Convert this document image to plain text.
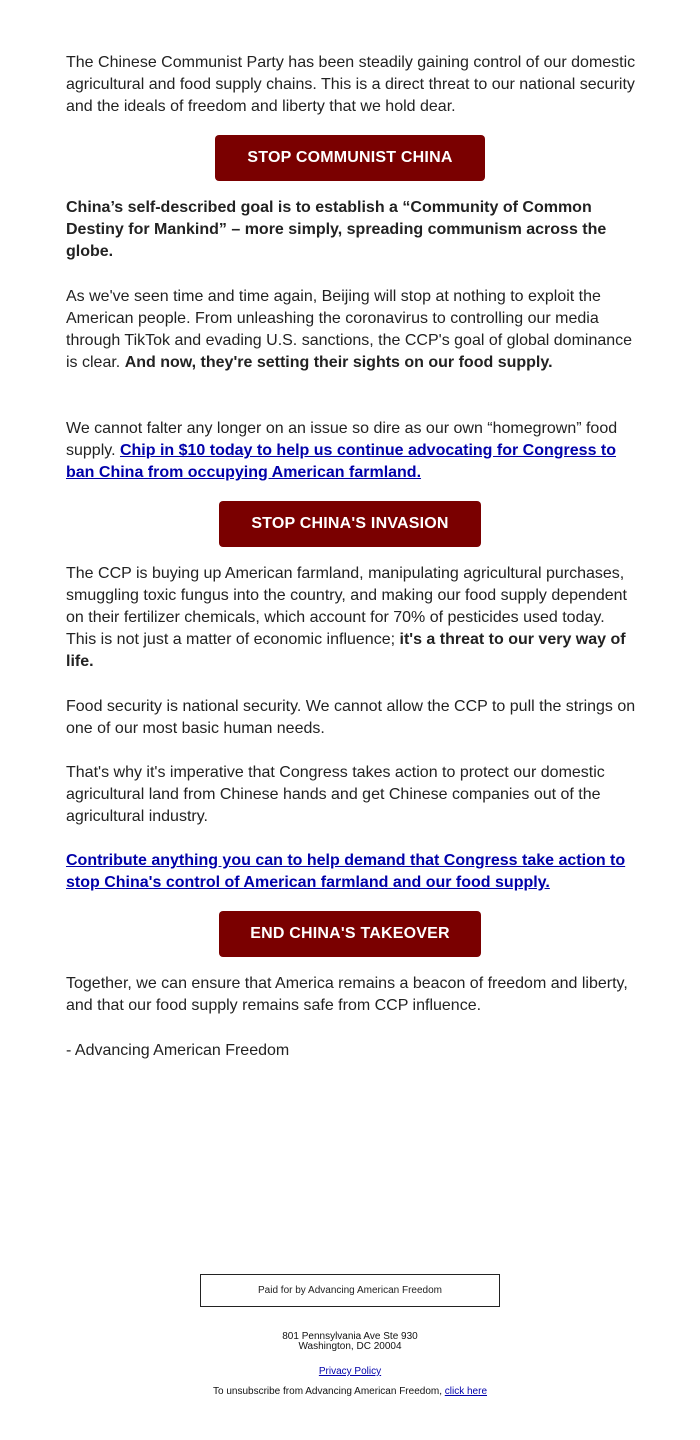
The Chinese Communist Party has been steadily gaining control of our domestic agricultural and food supply chains. This is a direct threat to our national security and the ideals of freedom and liberty that we hold dear.

STOP COMMUNIST CHINA

China’s self-described goal is to establish a “Community of Common Destiny for Mankind” – more simply, spreading communism across the globe.

As we've seen time and time again, Beijing will stop at nothing to exploit the American people. From unleashing the coronavirus to controlling our media through TikTok and evading U.S. sanctions, the CCP's goal of global dominance is clear. And now, they're setting their sights on our food supply.

We cannot falter any longer on an issue so dire as our own “homegrown” food supply. Chip in $10 today to help us continue advocating for Congress to ban China from occupying American farmland.

STOP CHINA'S INVASION

The CCP is buying up American farmland, manipulating agricultural purchases, smuggling toxic fungus into the country, and making our food supply dependent on their fertilizer chemicals, which account for 70% of pesticides used today. This is not just a matter of economic influence; it's a threat to our very way of life.

Food security is national security. We cannot allow the CCP to pull the strings on one of our most basic human needs.

That's why it's imperative that Congress takes action to protect our domestic agricultural land from Chinese hands and get Chinese companies out of the agricultural industry.

Contribute anything you can to help demand that Congress take action to stop China's control of American farmland and our food supply.

END CHINA'S TAKEOVER

Together, we can ensure that America remains a beacon of freedom and liberty, and that our food supply remains safe from CCP influence.

- Advancing American Freedom

Paid for by Advancing American Freedom
801 Pennsylvania Ave Ste 930
Washington, DC 20004
Privacy Policy
To unsubscribe from Advancing American Freedom, click here
